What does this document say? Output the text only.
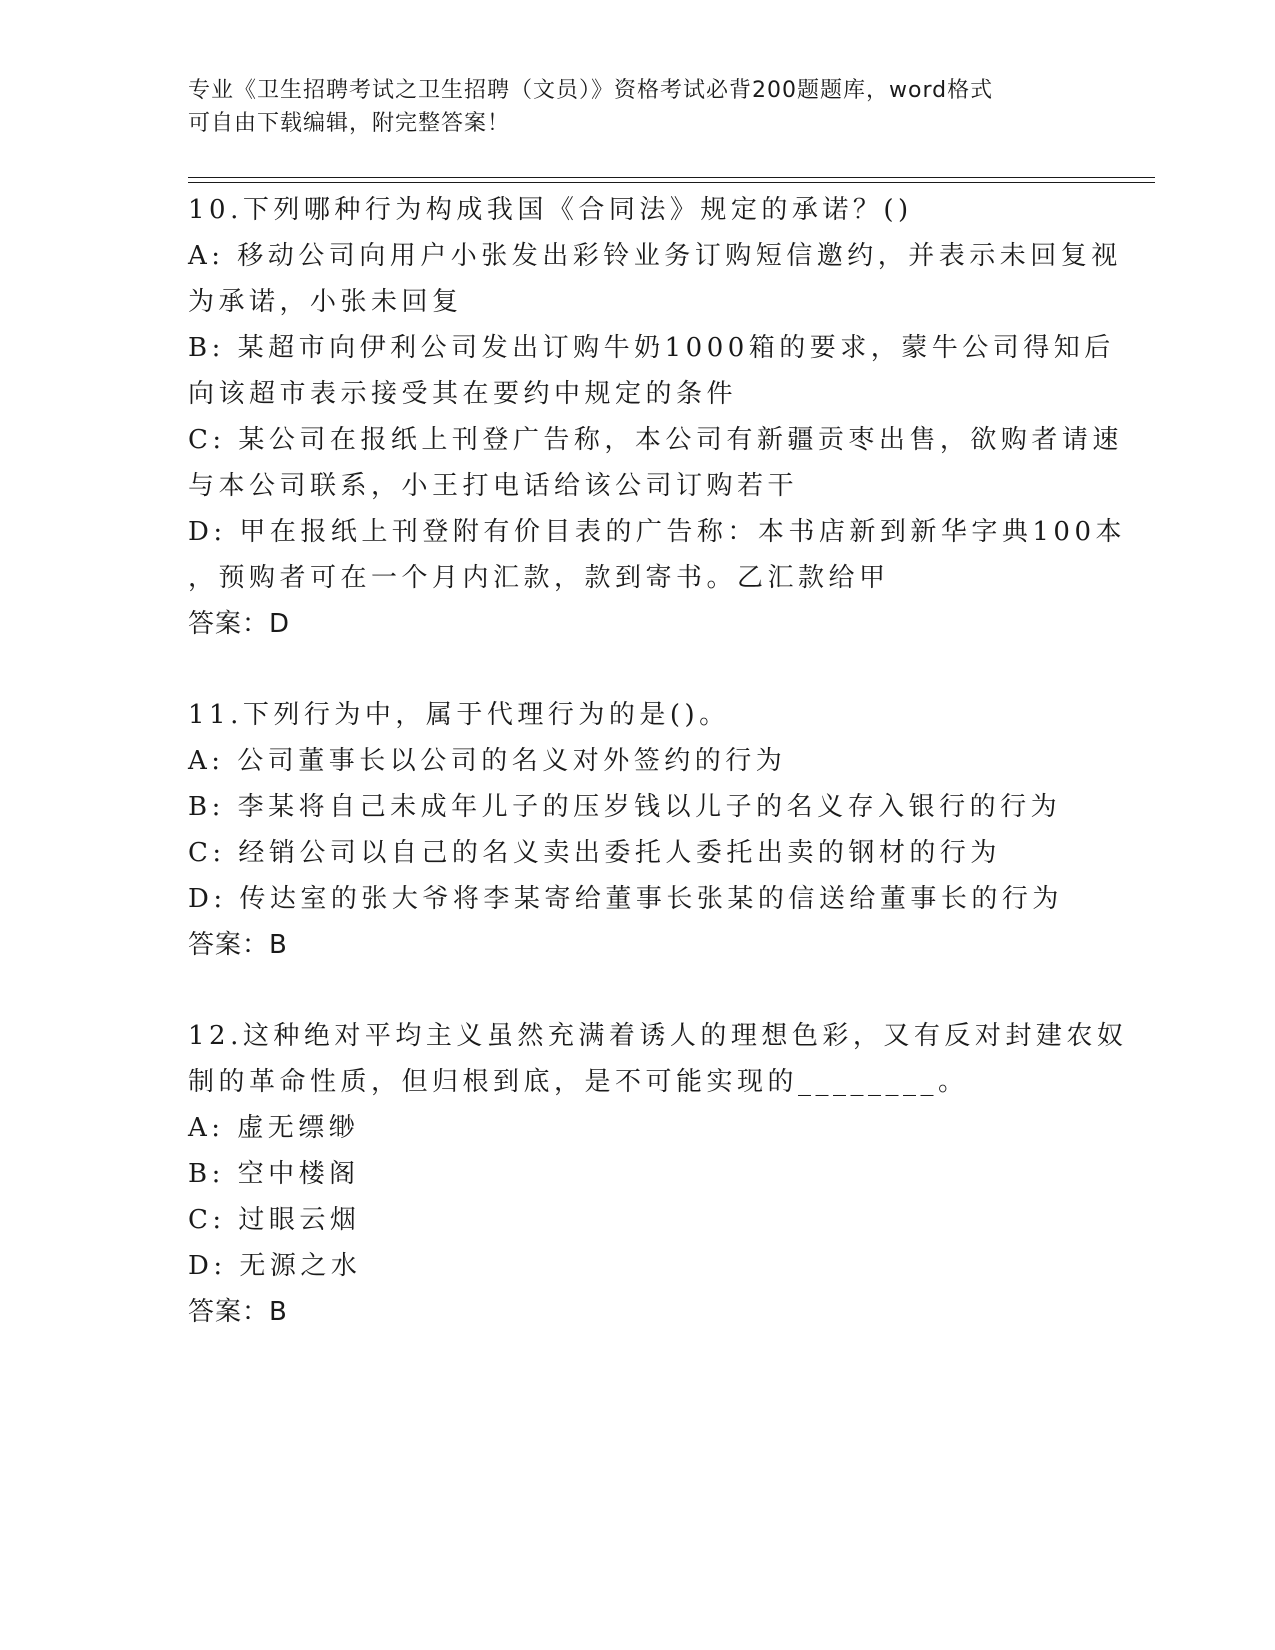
专业《卫生招聘考试之卫生招聘（文员）》资格考试必背200题题库，word格式
可自由下载编辑，附完整答案！
10.下列哪种行为构成我国《合同法》规定的承诺？()
A: 移动公司向用户小张发出彩铃业务订购短信邀约，并表示未回复视
为承诺，小张未回复
B: 某超市向伊利公司发出订购牛奶1000箱的要求，蒙牛公司得知后
向该超市表示接受其在要约中规定的条件
C: 某公司在报纸上刊登广告称，本公司有新疆贡枣出售，欲购者请速
与本公司联系，小王打电话给该公司订购若干
D: 甲在报纸上刊登附有价目表的广告称：本书店新到新华字典100本
，预购者可在一个月内汇款，款到寄书。乙汇款给甲
答案：D
11.下列行为中，属于代理行为的是()。
A: 公司董事长以公司的名义对外签约的行为
B: 李某将自己未成年儿子的压岁钱以儿子的名义存入银行的行为
C: 经销公司以自己的名义卖出委托人委托出卖的钢材的行为
D: 传达室的张大爷将李某寄给董事长张某的信送给董事长的行为
答案：B
12.这种绝对平均主义虽然充满着诱人的理想色彩，又有反对封建农奴
制的革命性质，但归根到底，是不可能实现的________。
A: 虚无缥缈
B: 空中楼阁
C: 过眼云烟
D: 无源之水
答案：B
